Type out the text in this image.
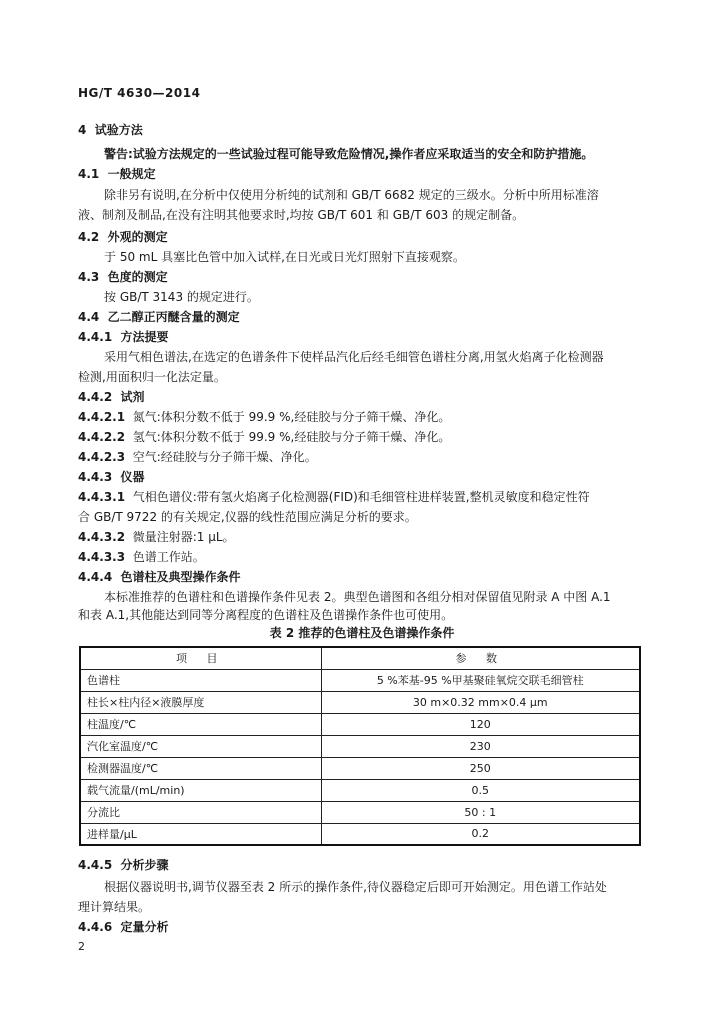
HG/T 4630—2014
4 试验方法
警告:试验方法规定的一些试验过程可能导致危险情况,操作者应采取适当的安全和防护措施。
4.1 一般规定
除非另有说明,在分析中仅使用分析纯的试剂和 GB/T 6682 规定的三级水。分析中所用标准溶
液、制剂及制品,在没有注明其他要求时,均按 GB/T 601 和 GB/T 603 的规定制备。
4.2 外观的测定
于 50 mL 具塞比色管中加入试样,在日光或日光灯照射下直接观察。
4.3 色度的测定
按 GB/T 3143 的规定进行。
4.4 乙二醇正丙醚含量的测定
4.4.1 方法提要
采用气相色谱法,在选定的色谱条件下使样品汽化后经毛细管色谱柱分离,用氢火焰离子化检测器
检测,用面积归一化法定量。
4.4.2 试剂
4.4.2.1 氮气:体积分数不低于 99.9 %,经硅胶与分子筛干燥、净化。
4.4.2.2 氢气:体积分数不低于 99.9 %,经硅胶与分子筛干燥、净化。
4.4.2.3 空气:经硅胶与分子筛干燥、净化。
4.4.3 仪器
4.4.3.1 气相色谱仪:带有氢火焰离子化检测器(FID)和毛细管柱进样装置,整机灵敏度和稳定性符
合 GB/T 9722 的有关规定,仪器的线性范围应满足分析的要求。
4.4.3.2 微量注射器:1 μL。
4.4.3.3 色谱工作站。
4.4.4 色谱柱及典型操作条件
本标准推荐的色谱柱和色谱操作条件见表 2。典型色谱图和各组分相对保留值见附录 A 中图 A.1
和表 A.1,其他能达到同等分离程度的色谱柱及色谱操作条件也可使用。
表 2 推荐的色谱柱及色谱操作条件
项 目	参 数
色谱柱	5 %苯基-95 %甲基聚硅氧烷交联毛细管柱
柱长×柱内径×液膜厚度	30 m×0.32 mm×0.4 μm
柱温度/℃	120
汽化室温度/℃	230
检测器温度/℃	250
载气流量/(mL/min)	0.5
分流比	50 : 1
进样量/μL	0.2
4.4.5 分析步骤
根据仪器说明书,调节仪器至表 2 所示的操作条件,待仪器稳定后即可开始测定。用色谱工作站处
理计算结果。
4.4.6 定量分析
2
